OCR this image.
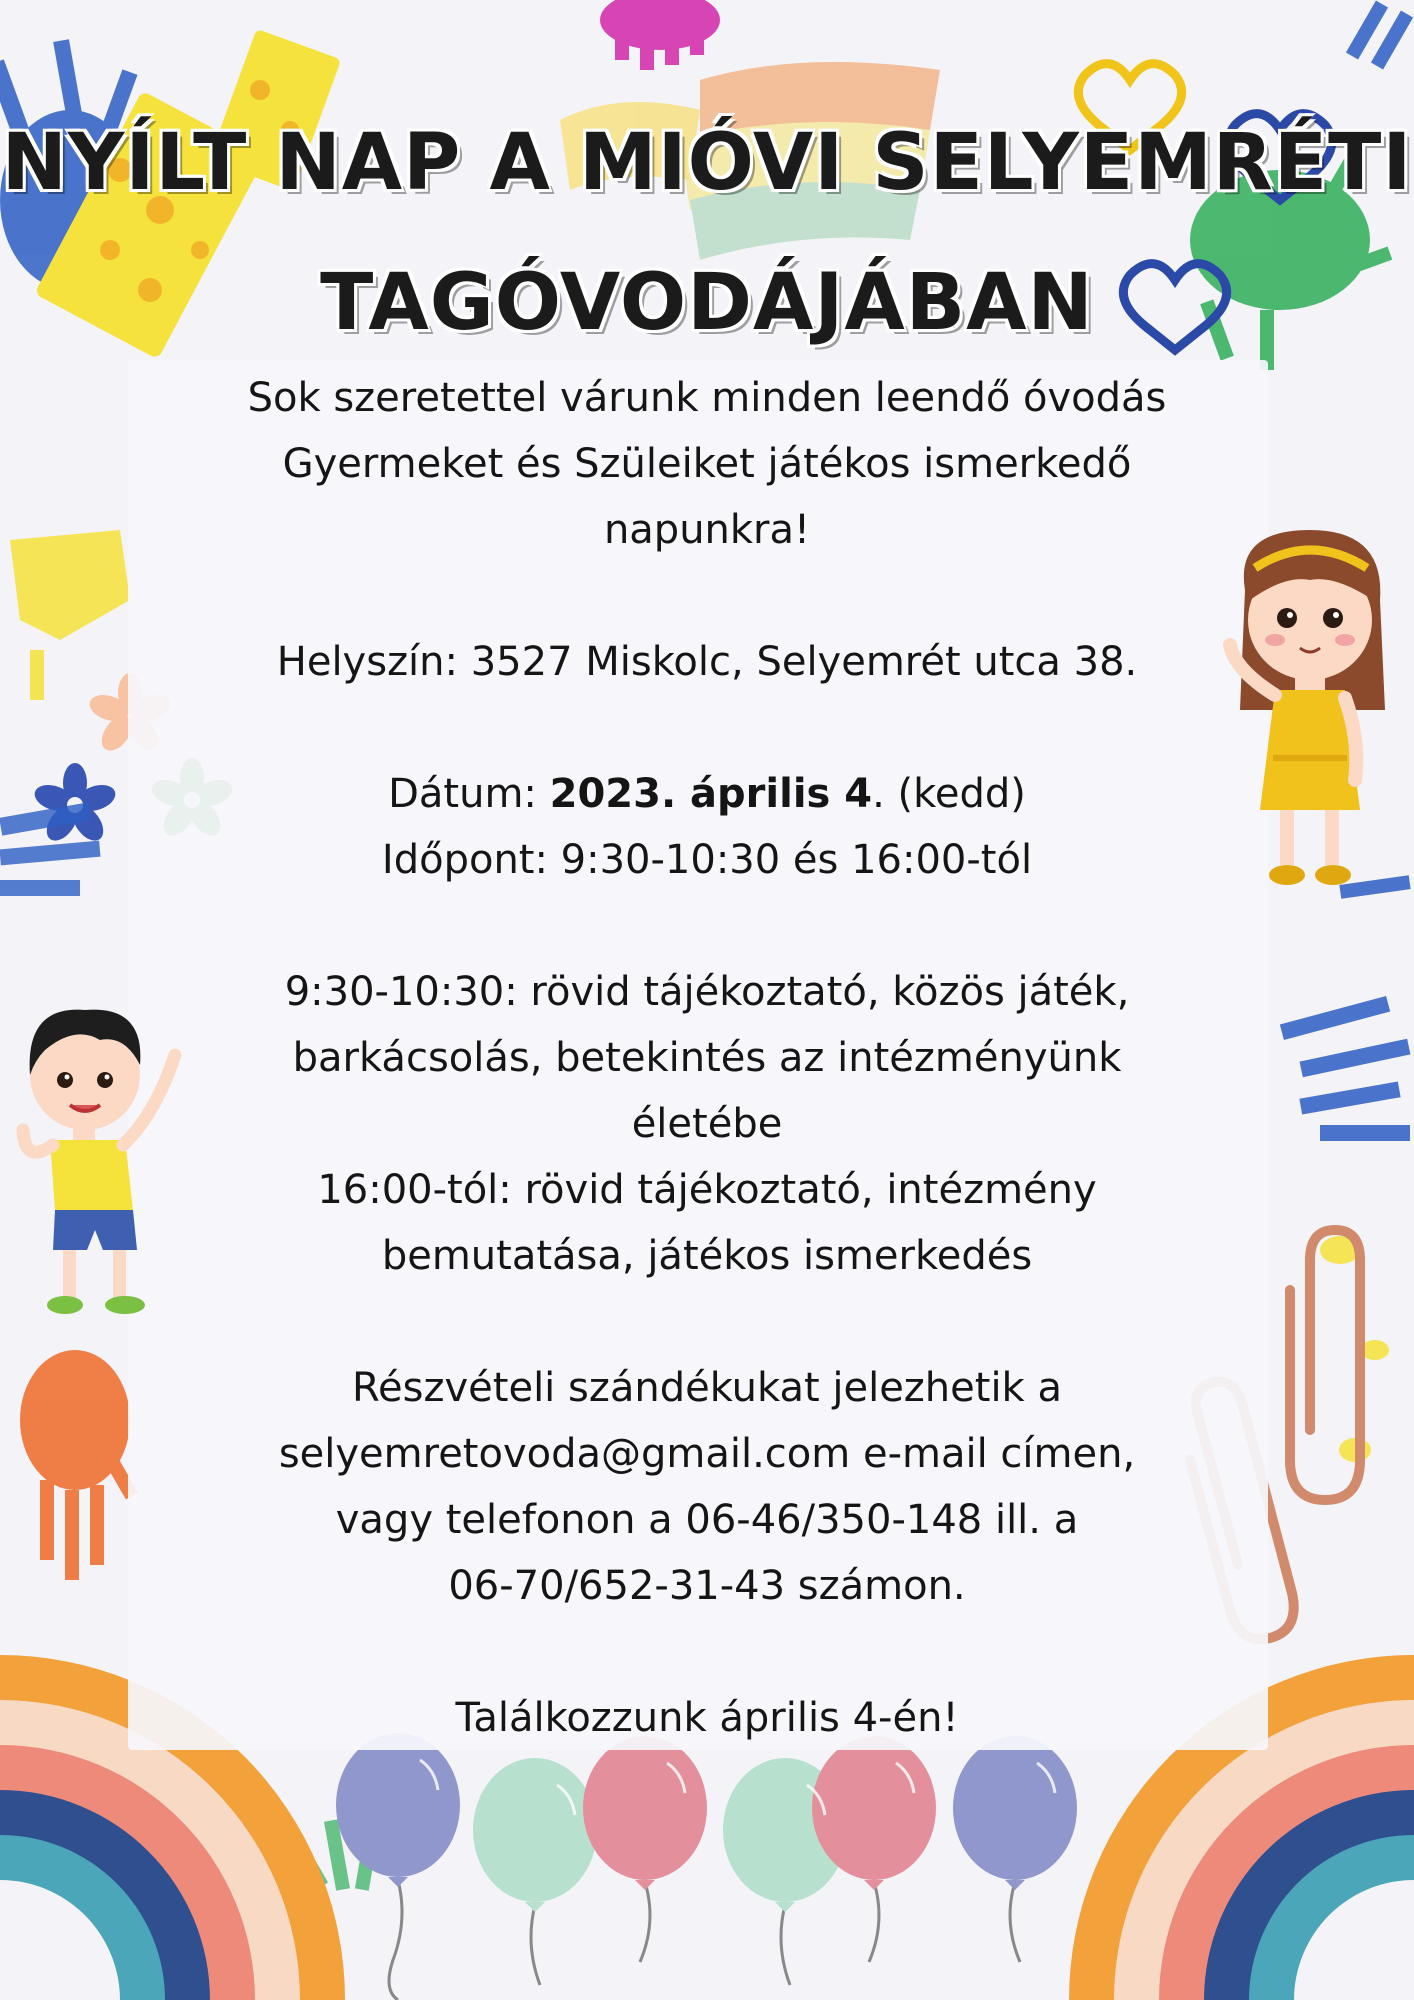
NYÍLT NAP A MIÓVI SELYEMRÉTI
TAGÓVODÁJÁBAN

Sok szeretettel várunk minden leendő óvodás

Gyermeket és Szüleiket játékos ismerkedő

napunkra!

Helyszín: 3527 Miskolc, Selyemrét utca 38.

Dátum: 2023. április 4. (kedd)

Időpont: 9:30-10:30 és 16:00-tól

9:30-10:30: rövid tájékoztató, közös játék,

barkácsolás, betekintés az intézményünk

életébe

16:00-tól: rövid tájékoztató, intézmény

bemutatása, játékos ismerkedés

Részvételi szándékukat jelezhetik a

selyemretovoda@gmail.com e-mail címen,

vagy telefonon a 06-46/350-148 ill. a

06-70/652-31-43 számon.

Találkozzunk április 4-én!
